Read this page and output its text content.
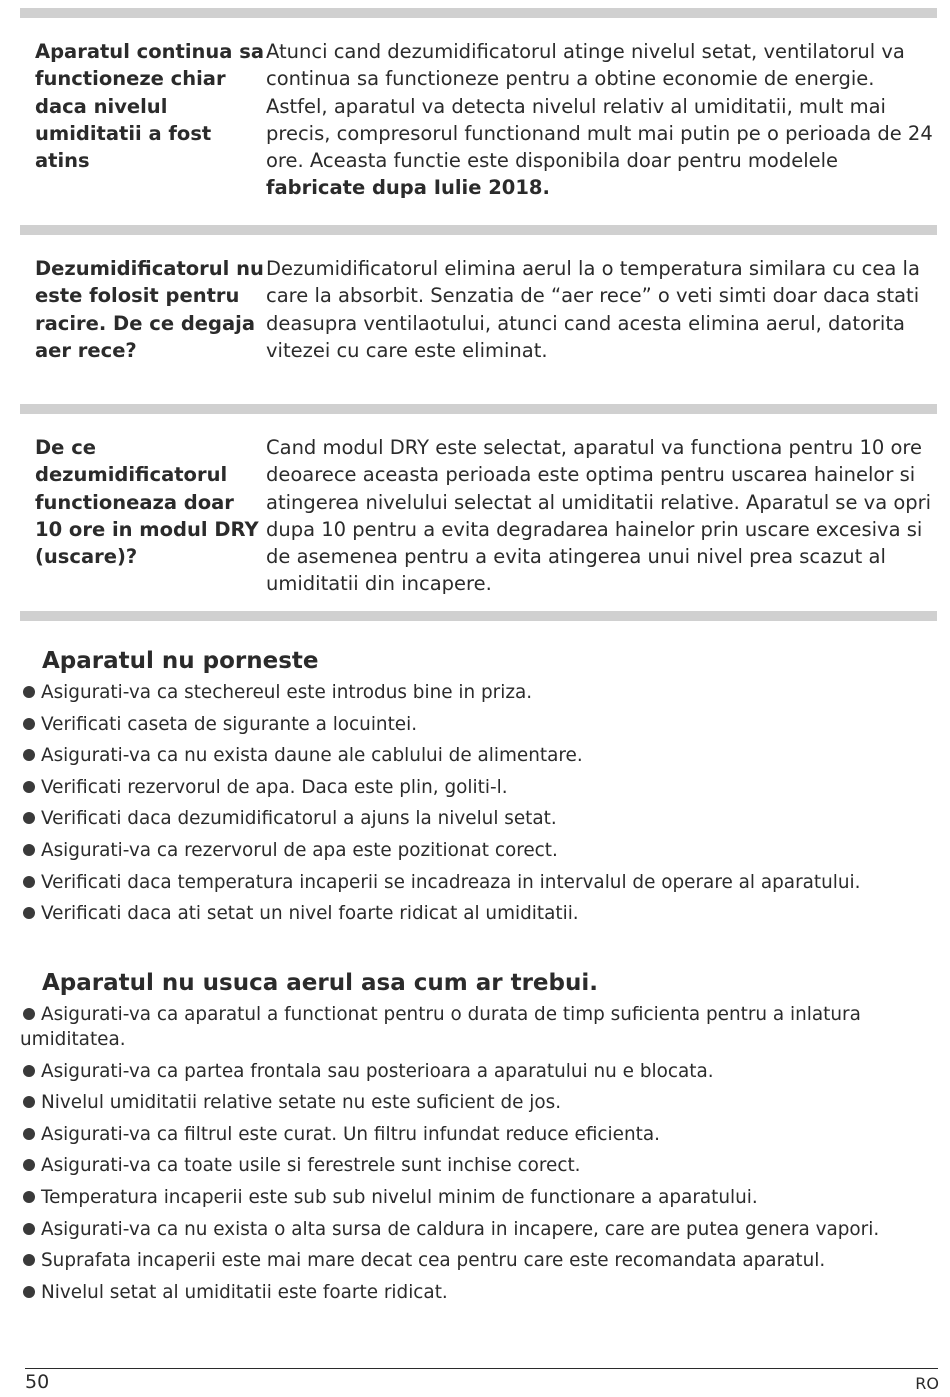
Aparatul continua sa functioneze chiar daca nivelul umiditatii a fost atins
Atunci cand dezumidificatorul atinge nivelul setat, ventilatorul va continua sa functioneze pentru a obtine economie de energie. Astfel, aparatul va detecta nivelul relativ al umiditatii, mult mai precis, compresorul functionand mult mai putin pe o perioada de 24 ore. Aceasta functie este disponibila doar pentru modelele fabricate dupa Iulie 2018.
Dezumidificatorul nu este folosit pentru racire. De ce degaja aer rece?
Dezumidificatorul elimina aerul la o temperatura similara cu cea la care la absorbit. Senzatia de “aer rece” o veti simti doar daca stati deasupra ventilaotului, atunci cand acesta elimina aerul, datorita vitezei cu care este eliminat.
De ce dezumidificatorul functioneaza doar 10 ore in modul DRY (uscare)?
Cand modul DRY este selectat, aparatul va functiona pentru 10 ore deoarece aceasta perioada este optima pentru uscarea hainelor si atingerea nivelului selectat al umiditatii relative. Aparatul se va opri dupa 10 pentru a evita degradarea hainelor prin uscare excesiva si de asemenea pentru a evita atingerea unui nivel prea scazut al umiditatii din incapere.
Aparatul nu porneste
Asigurati-va ca stechereul este introdus bine in priza.
Verificati caseta de sigurante a locuintei.
Asigurati-va ca nu exista daune ale cablului de alimentare.
Verificati rezervorul de apa. Daca este plin, goliti-l.
Verificati daca dezumidificatorul a ajuns la nivelul setat.
Asigurati-va ca rezervorul de apa este pozitionat corect.
Verificati daca temperatura incaperii se incadreaza in intervalul de operare al aparatului.
Verificati daca ati setat un nivel foarte ridicat al umiditatii.
Aparatul nu usuca aerul asa cum ar trebui.
Asigurati-va ca aparatul a functionat pentru o durata de timp suficienta pentru a inlatura umiditatea.
Asigurati-va ca partea frontala sau posterioara a aparatului nu e blocata.
Nivelul umiditatii relative setate nu este suficient de jos.
Asigurati-va ca filtrul este curat. Un filtru infundat reduce eficienta.
Asigurati-va ca toate usile si ferestrele sunt inchise corect.
Temperatura incaperii este sub sub nivelul minim de functionare a aparatului.
Asigurati-va ca nu exista o alta sursa de caldura in incapere, care are putea genera vapori.
Suprafata incaperii este mai mare decat cea pentru care este recomandata aparatul.
Nivelul setat al umiditatii este foarte ridicat.
50	RO
